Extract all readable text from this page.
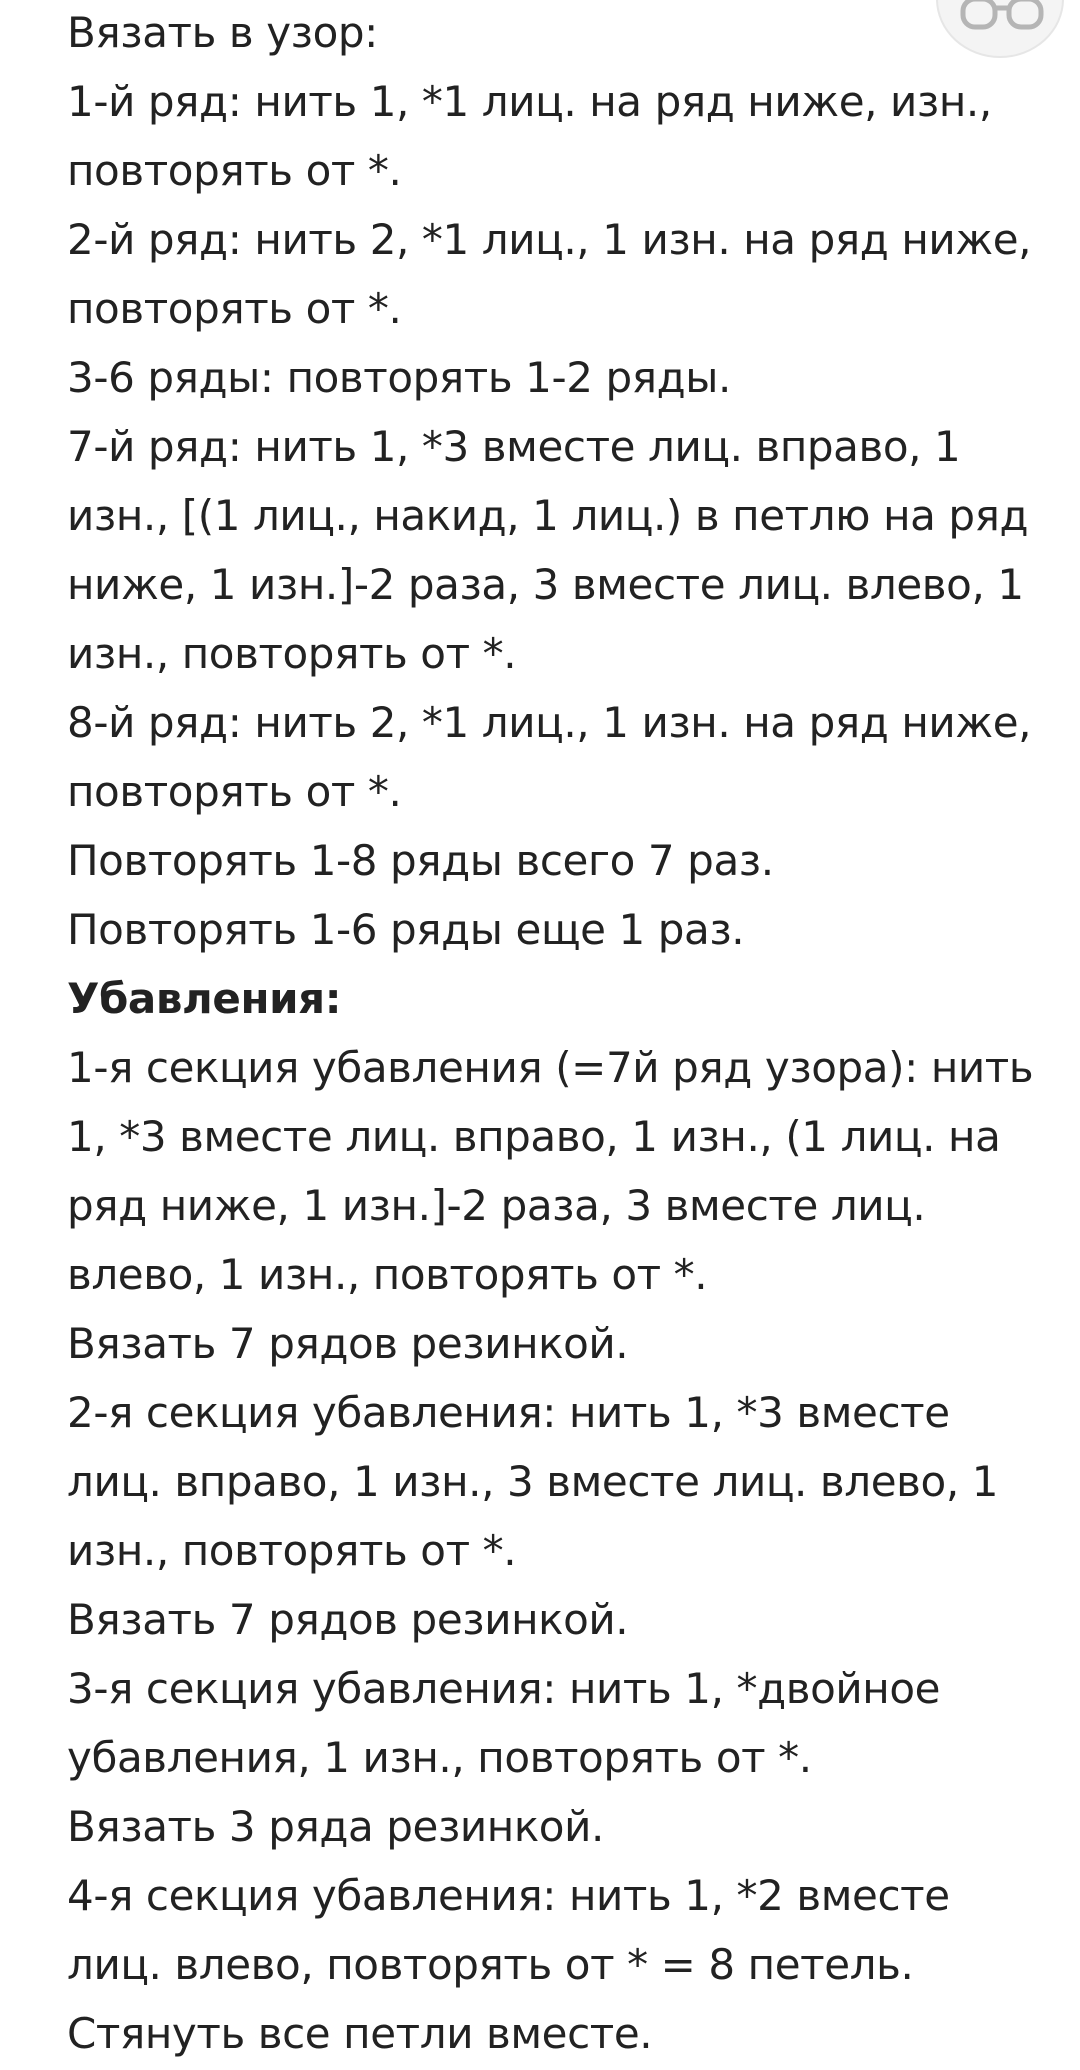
Вязать в узор:
1-й ряд: нить 1, *1 лиц. на ряд ниже, изн.,
повторять от *.
2-й ряд: нить 2, *1 лиц., 1 изн. на ряд ниже,
повторять от *.
3-6 ряды: повторять 1-2 ряды.
7-й ряд: нить 1, *3 вместе лиц. вправо, 1
изн., [(1 лиц., накид, 1 лиц.) в петлю на ряд
ниже, 1 изн.]-2 раза, 3 вместе лиц. влево, 1
изн., повторять от *.
8-й ряд: нить 2, *1 лиц., 1 изн. на ряд ниже,
повторять от *.
Повторять 1-8 ряды всего 7 раз.
Повторять 1-6 ряды еще 1 раз.
Убавления:
1-я секция убавления (=7й ряд узора): нить
1, *3 вместе лиц. вправо, 1 изн., (1 лиц. на
ряд ниже, 1 изн.]-2 раза, 3 вместе лиц.
влево, 1 изн., повторять от *.
Вязать 7 рядов резинкой.
2-я секция убавления: нить 1, *3 вместе
лиц. вправо, 1 изн., 3 вместе лиц. влево, 1
изн., повторять от *.
Вязать 7 рядов резинкой.
3-я секция убавления: нить 1, *двойное
убавления, 1 изн., повторять от *.
Вязать 3 ряда резинкой.
4-я секция убавления: нить 1, *2 вместе
лиц. влево, повторять от * = 8 петель.
Стянуть все петли вместе.
